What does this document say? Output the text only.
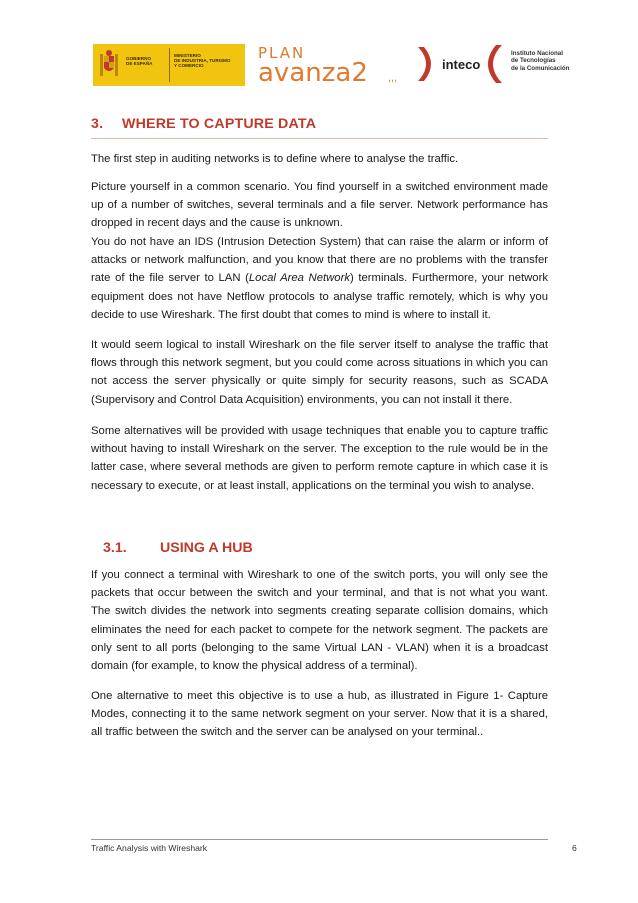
GOBIERNO
DE ESPAÑA
MINISTERIO
DE INDUSTRIA, TURISMO
Y COMERCIO
PLAN
avanza2 ,,,
inteco
Instituto Nacional
de Tecnologías
de la Comunicación
3.	WHERE TO CAPTURE DATA
The first step in auditing networks is to define where to analyse the traffic.
Picture yourself in a common scenario. You find yourself in a switched environment made up of a number of switches, several terminals and a file server. Network performance has dropped in recent days and the cause is unknown.
You do not have an IDS (Intrusion Detection System) that can raise the alarm or inform of attacks or network malfunction, and you know that there are no problems with the transfer rate of the file server to LAN (Local Area Network) terminals. Furthermore, your network equipment does not have Netflow protocols to analyse traffic remotely, which is why you decide to use Wireshark. The first doubt that comes to mind is where to install it.
It would seem logical to install Wireshark on the file server itself to analyse the traffic that flows through this network segment, but you could come across situations in which you can not access the server physically or quite simply for security reasons, such as SCADA (Supervisory and Control Data Acquisition) environments, you can not install it there.
Some alternatives will be provided with usage techniques that enable you to capture traffic without having to install Wireshark on the server. The exception to the rule would be in the latter case, where several methods are given to perform remote capture in which case it is necessary to execute, or at least install, applications on the terminal you wish to analyse.
3.1.	USING A HUB
If you connect a terminal with Wireshark to one of the switch ports, you will only see the packets that occur between the switch and your terminal, and that is not what you want. The switch divides the network into segments creating separate collision domains, which eliminates the need for each packet to compete for the network segment. The packets are only sent to all ports (belonging to the same Virtual LAN - VLAN) when it is a broadcast domain (for example, to know the physical address of a terminal).
One alternative to meet this objective is to use a hub, as illustrated in Figure 1- Capture Modes, connecting it to the same network segment on your server. Now that it is a shared, all traffic between the switch and the server can be analysed on your terminal..
Traffic Analysis with Wireshark	6
